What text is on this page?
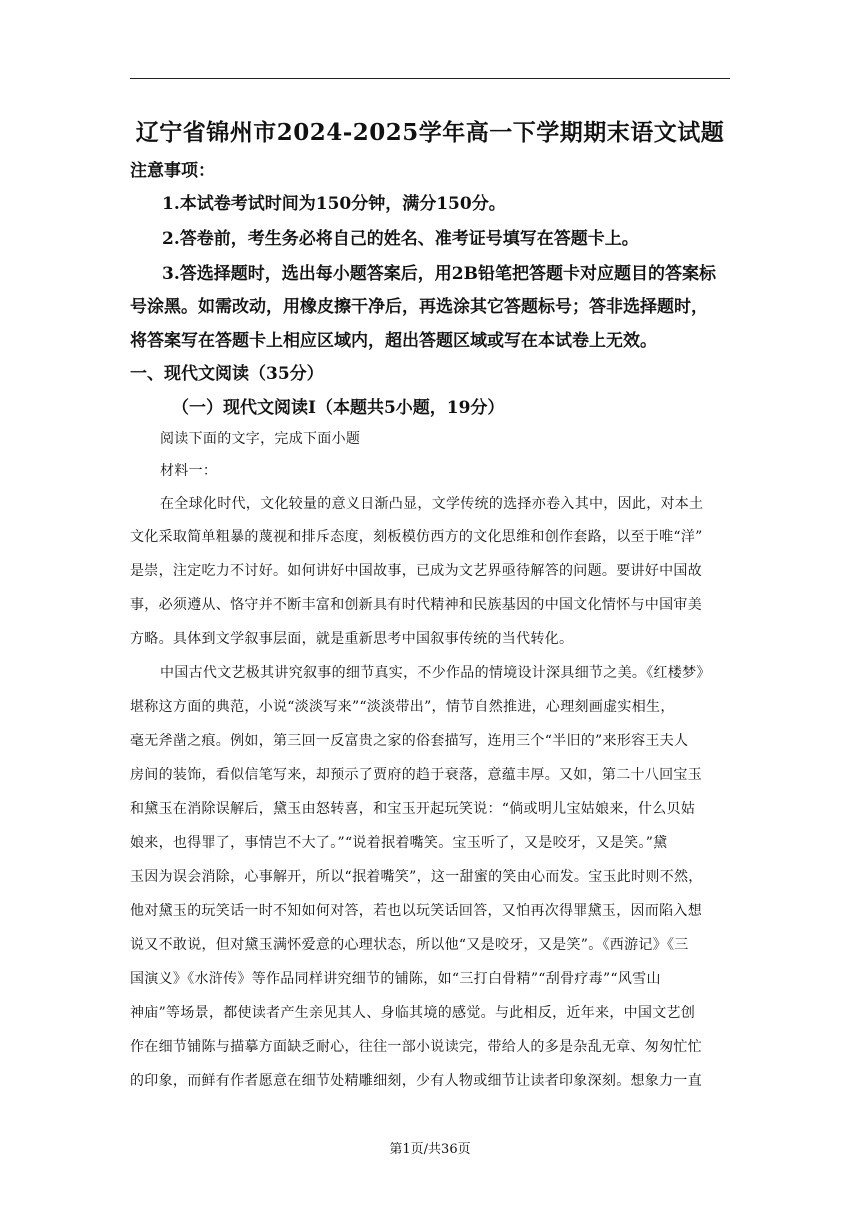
辽宁省锦州市2024-2025学年高一下学期期末语文试题
注意事项：
1.本试卷考试时间为150分钟，满分150分。
2.答卷前，考生务必将自己的姓名、准考证号填写在答题卡上。
3.答选择题时，选出每小题答案后，用2B铅笔把答题卡对应题目的答案标
号涂黑。如需改动，用橡皮擦干净后，再选涂其它答题标号；答非选择题时，
将答案写在答题卡上相应区域内，超出答题区域或写在本试卷上无效。
一、现代文阅读（35分）
（一）现代文阅读Ⅰ（本题共5小题，19分）
阅读下面的文字，完成下面小题
材料一：
在全球化时代，文化较量的意义日渐凸显，文学传统的选择亦卷入其中，因此，对本土
文化采取简单粗暴的蔑视和排斥态度，刻板模仿西方的文化思维和创作套路，以至于唯“洋”
是崇，注定吃力不讨好。如何讲好中国故事，已成为文艺界亟待解答的问题。要讲好中国故
事，必须遵从、恪守并不断丰富和创新具有时代精神和民族基因的中国文化情怀与中国审美
方略。具体到文学叙事层面，就是重新思考中国叙事传统的当代转化。
中国古代文艺极其讲究叙事的细节真实，不少作品的情境设计深具细节之美。《红楼梦》
堪称这方面的典范，小说“淡淡写来”“淡淡带出”，情节自然推进，心理刻画虚实相生，
毫无斧凿之痕。例如，第三回一反富贵之家的俗套描写，连用三个“半旧的”来形容王夫人
房间的装饰，看似信笔写来，却预示了贾府的趋于衰落，意蕴丰厚。又如，第二十八回宝玉
和黛玉在消除误解后，黛玉由怒转喜，和宝玉开起玩笑说：“倘或明儿宝姑娘来，什么贝姑
娘来，也得罪了，事情岂不大了。”“说着抿着嘴笑。宝玉听了，又是咬牙，又是笑。”黛
玉因为误会消除，心事解开，所以“抿着嘴笑”，这一甜蜜的笑由心而发。宝玉此时则不然，
他对黛玉的玩笑话一时不知如何对答，若也以玩笑话回答，又怕再次得罪黛玉，因而陷入想
说又不敢说，但对黛玉满怀爱意的心理状态，所以他“又是咬牙，又是笑”。《西游记》《三
国演义》《水浒传》等作品同样讲究细节的铺陈，如“三打白骨精”“刮骨疗毒”“风雪山
神庙”等场景，都使读者产生亲见其人、身临其境的感觉。与此相反，近年来，中国文艺创
作在细节铺陈与描摹方面缺乏耐心，往往一部小说读完，带给人的多是杂乱无章、匆匆忙忙
的印象，而鲜有作者愿意在细节处精雕细刻，少有人物或细节让读者印象深刻。想象力一直
第1页/共36页
